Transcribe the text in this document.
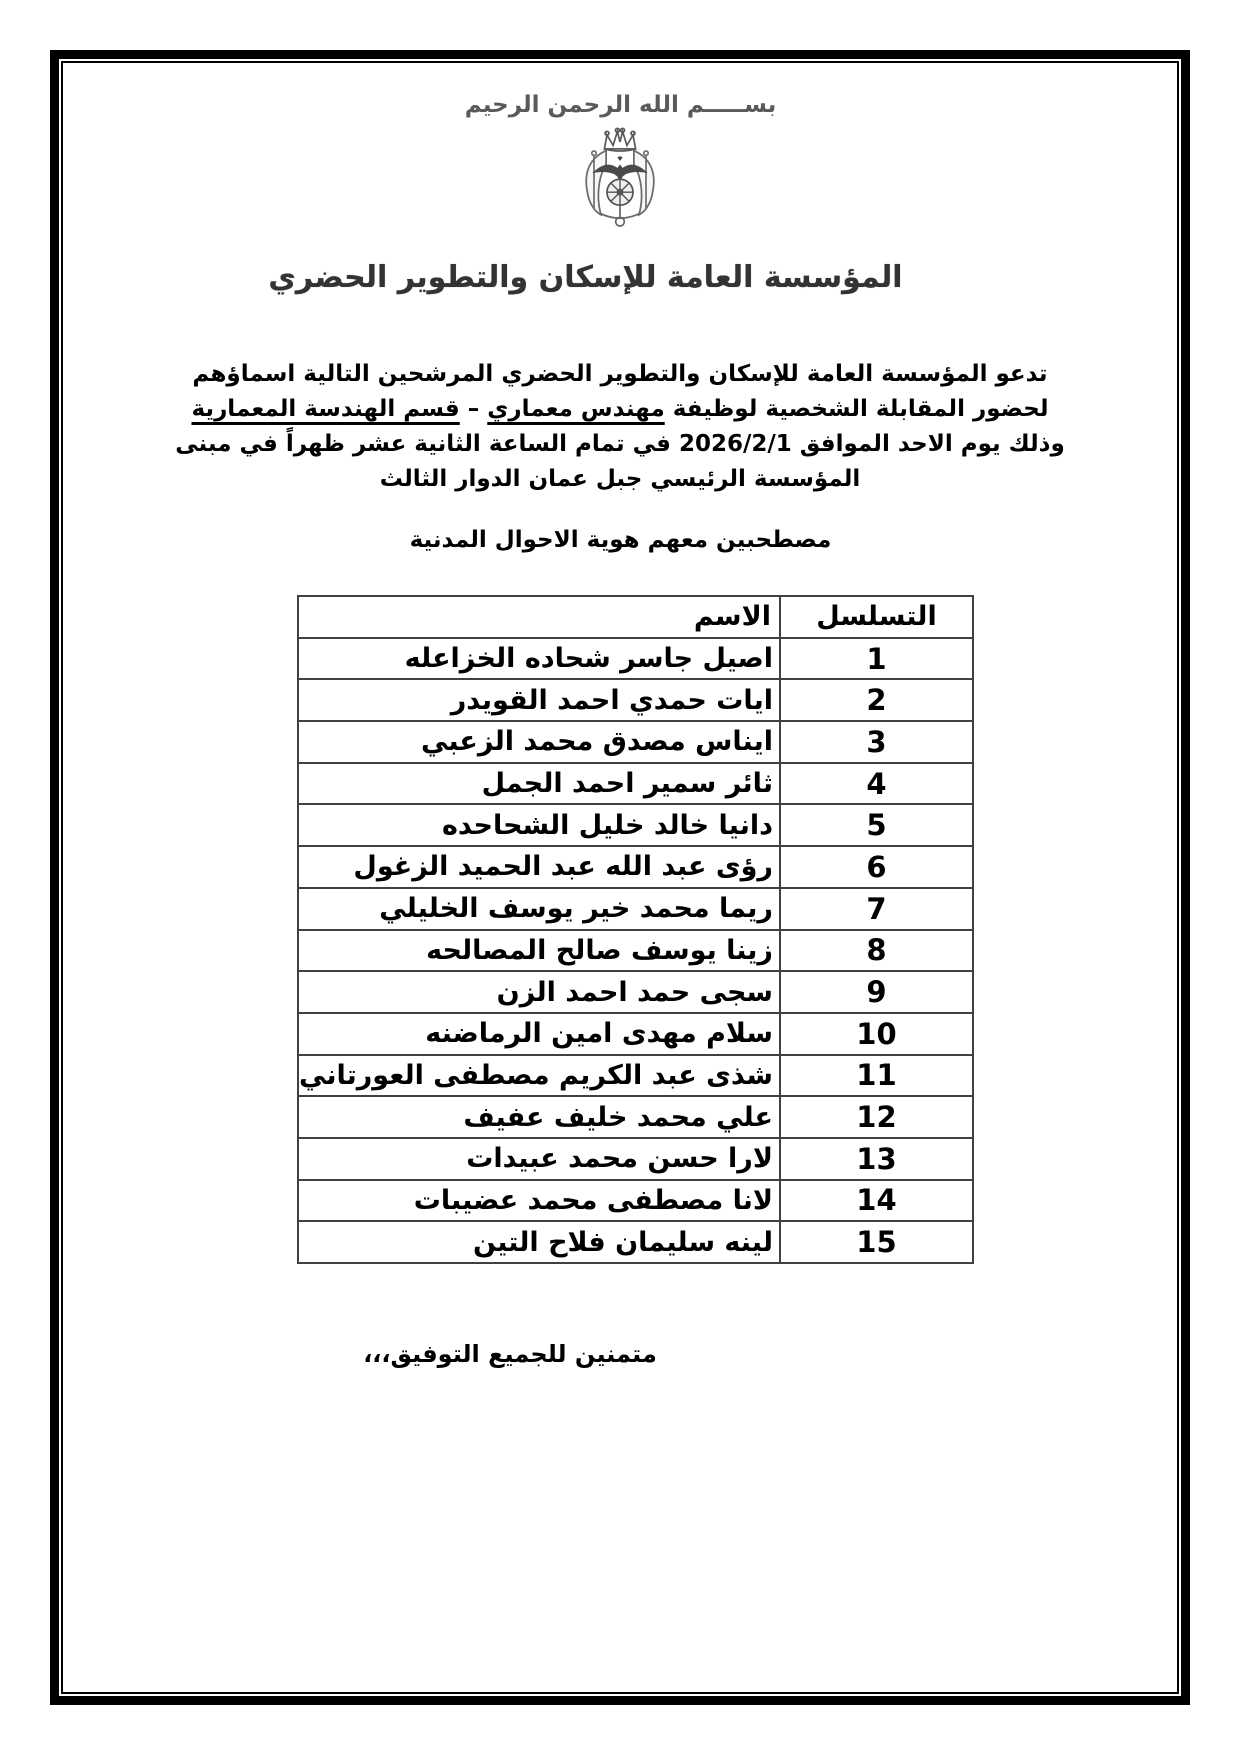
بســـــم الله الرحمن الرحيم
المؤسسة العامة للإسكان والتطوير الحضري
تدعو المؤسسة العامة للإسكان والتطوير الحضري المرشحين التالية اسماؤهم
لحضور المقابلة الشخصية لوظيفة مهندس معماري – قسم الهندسة المعمارية
وذلك يوم الاحد الموافق 2026/2/1 في تمام الساعة الثانية عشر ظهراً في مبنى
المؤسسة الرئيسي جبل عمان الدوار الثالث
مصطحبين معهم هوية الاحوال المدنية
التسلسل	الاسم
1	اصيل جاسر شحاده الخزاعله
2	ايات حمدي احمد القويدر
3	ايناس مصدق محمد الزعبي
4	ثائر سمير احمد الجمل
5	دانيا خالد خليل الشحاحده
6	رؤى عبد الله عبد الحميد الزغول
7	ريما محمد خير يوسف الخليلي
8	زينا يوسف صالح المصالحه
9	سجى حمد احمد الزن
10	سلام مهدى امين الرماضنه
11	شذى عبد الكريم مصطفى العورتاني
12	علي محمد خليف عفيف
13	لارا حسن محمد عبيدات
14	لانا مصطفى محمد عضيبات
15	لينه سليمان فلاح التين
متمنين للجميع التوفيق،،،
